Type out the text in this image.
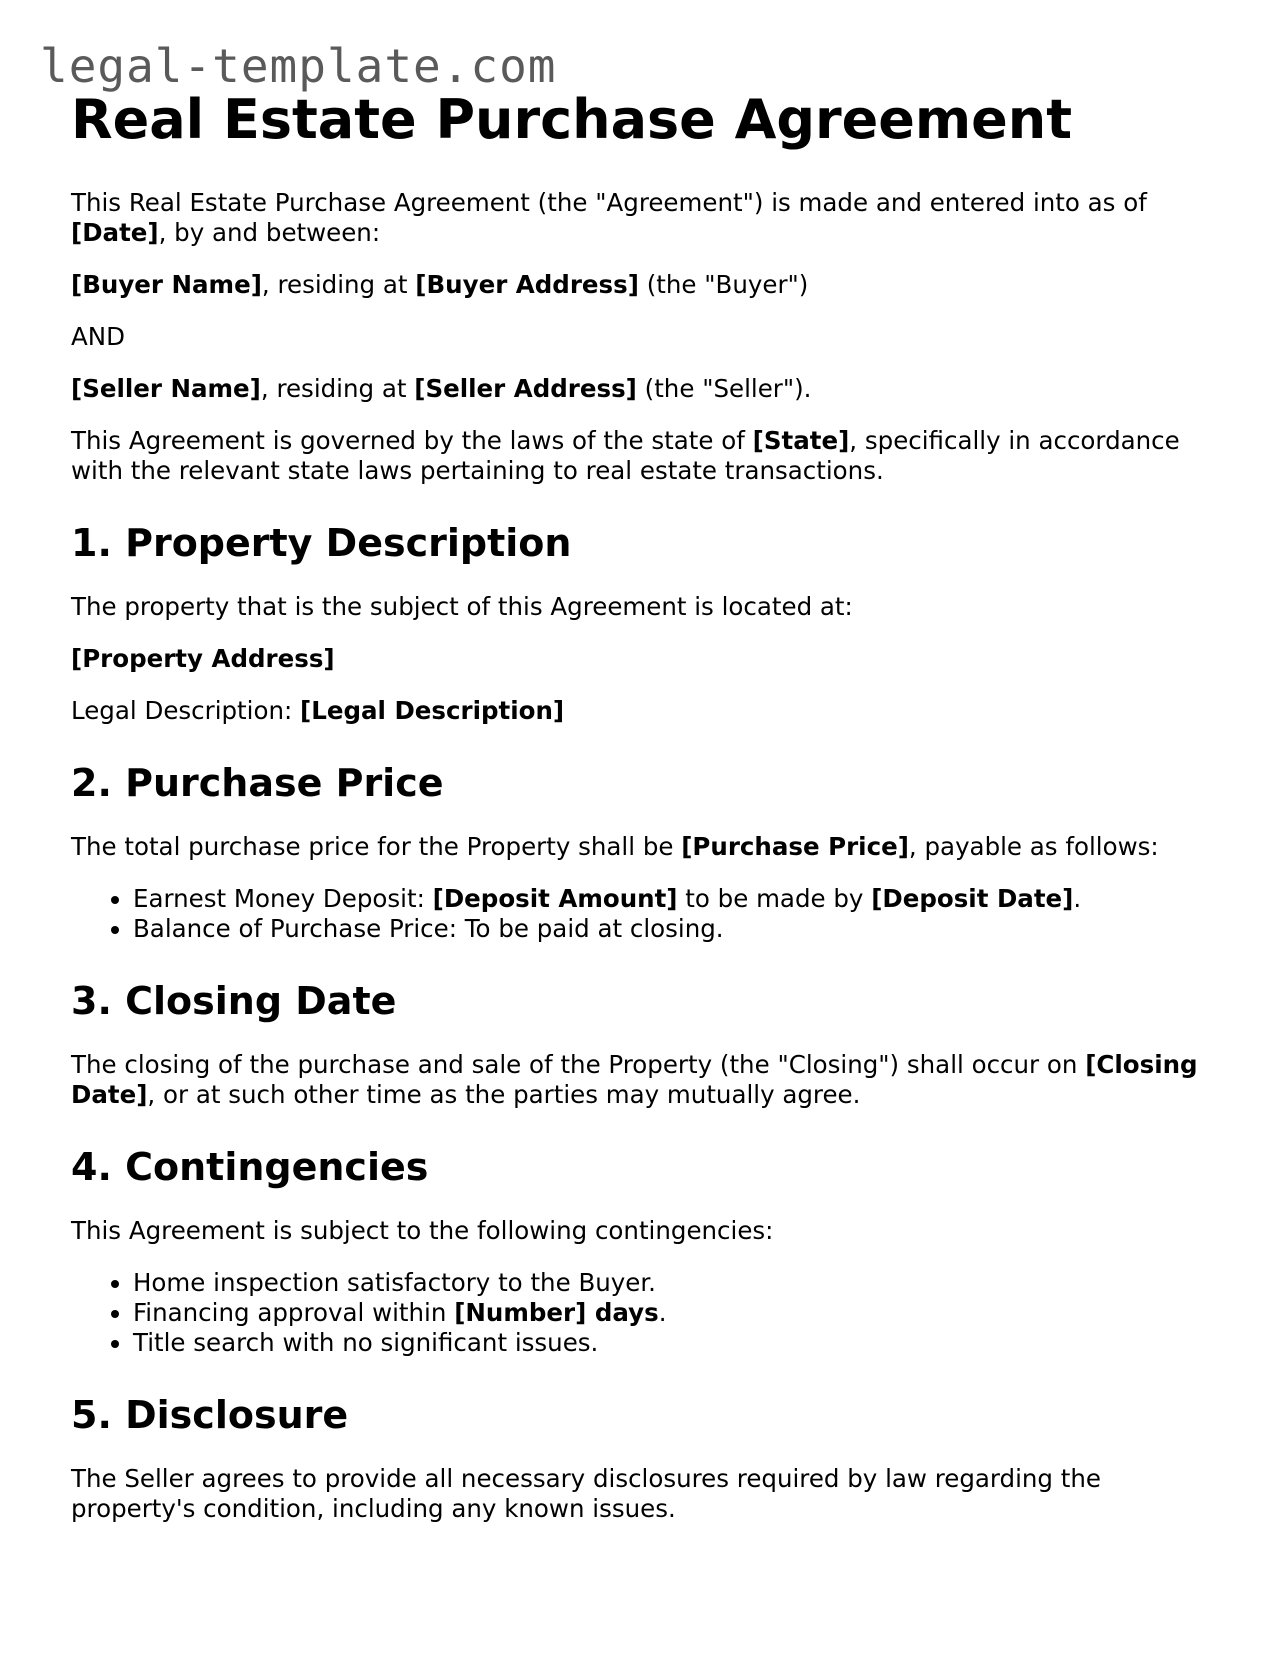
legal-template.com
Real Estate Purchase Agreement

This Real Estate Purchase Agreement (the "Agreement") is made and entered into as of [Date], by and between:

[Buyer Name], residing at [Buyer Address] (the "Buyer")

AND

[Seller Name], residing at [Seller Address] (the "Seller").

This Agreement is governed by the laws of the state of [State], specifically in accordance with the relevant state laws pertaining to real estate transactions.

1. Property Description

The property that is the subject of this Agreement is located at:

[Property Address]

Legal Description: [Legal Description]

2. Purchase Price

The total purchase price for the Property shall be [Purchase Price], payable as follows:

• Earnest Money Deposit: [Deposit Amount] to be made by [Deposit Date].
• Balance of Purchase Price: To be paid at closing.
3. Closing Date

The closing of the purchase and sale of the Property (the "Closing") shall occur on [Closing Date], or at such other time as the parties may mutually agree.

4. Contingencies

This Agreement is subject to the following contingencies:

• Home inspection satisfactory to the Buyer.
• Financing approval within [Number] days.
• Title search with no significant issues.
5. Disclosure

The Seller agrees to provide all necessary disclosures required by law regarding the property's condition, including any known issues.
